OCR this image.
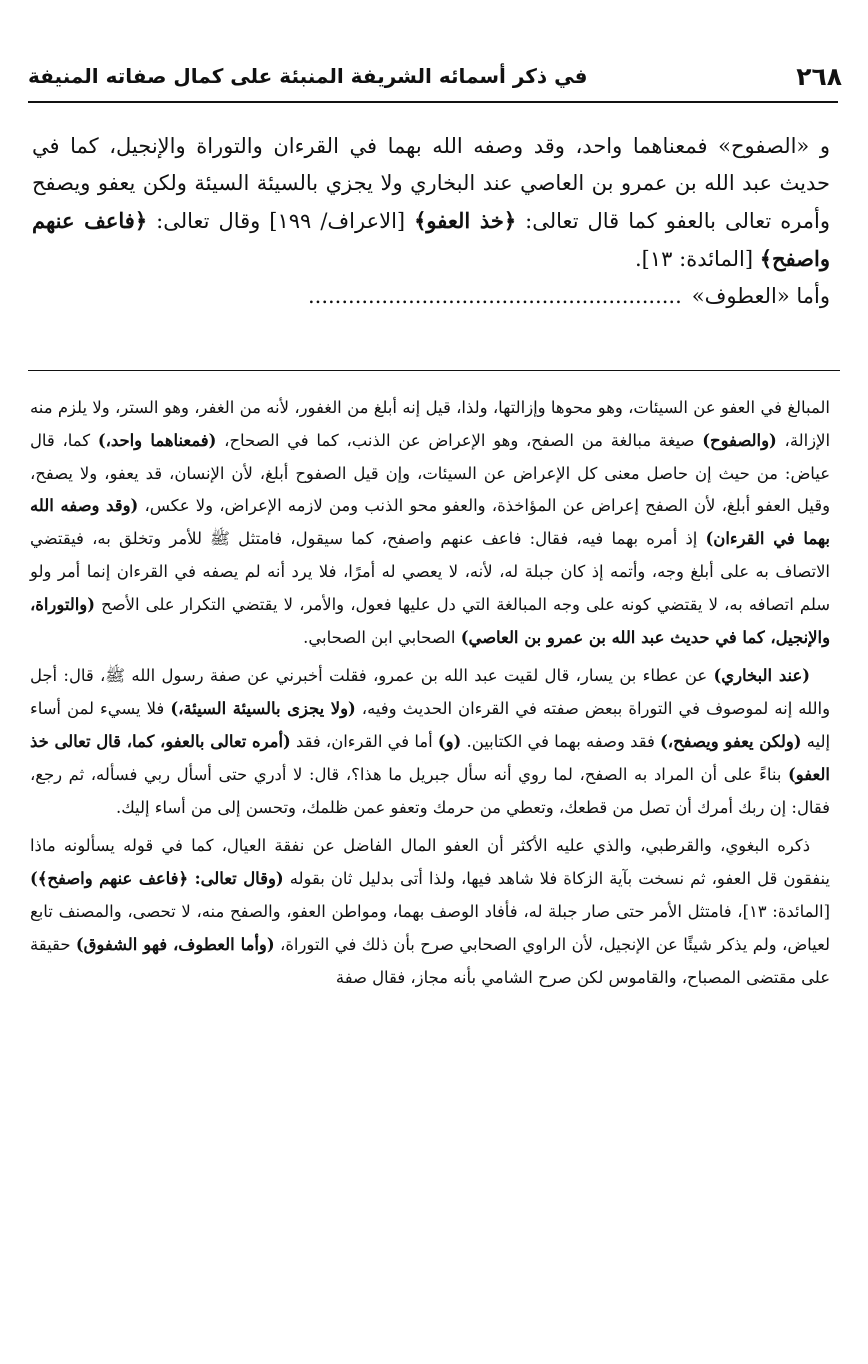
٢٦٨
في ذكر أسمائه الشريفة المنبئة على كمال صفاته المنيفة

و «الصفوح» فمعناهما واحد، وقد وصفه الله بهما في القرءان والتوراة والإنجيل، كما في حديث عبد الله بن عمرو بن العاصي عند البخاري ولا يجزي بالسيئة السيئة ولكن يعفو ويصفح وأمره تعالى بالعفو كما قال تعالى: ﴿خذ العفو﴾ [الاعراف/ ١٩٩] وقال تعالى: ﴿فاعف عنهم واصفح﴾ [المائدة: ١٣].

وأما «العطوف»........................................................

المبالغ في العفو عن السيئات، وهو محوها وإزالتها، ولذا، قيل إنه أبلغ من الغفور، لأنه من الغفر، وهو الستر، ولا يلزم منه الإزالة، (والصفوح) صيغة مبالغة من الصفح، وهو الإعراض عن الذنب، كما في الصحاح، (فمعناهما واحد،) كما، قال عياض: من حيث إن حاصل معنى كل الإعراض عن السيئات، وإن قيل الصفوح أبلغ، لأن الإنسان، قد يعفو، ولا يصفح، وقيل العفو أبلغ، لأن الصفح إعراض عن المؤاخذة، والعفو محو الذنب ومن لازمه الإعراض، ولا عكس، (وقد وصفه الله بهما في القرءان) إذ أمره بهما فيه، فقال: فاعف عنهم واصفح، كما سيقول، فامتثل ﷺ للأمر وتخلق به، فيقتضي الاتصاف به على أبلغ وجه، وأتمه إذ كان جبلة له، لأنه، لا يعصي له أمرًا، فلا يرد أنه لم يصفه في القرءان إنما أمر ولو سلم اتصافه به، لا يقتضي كونه على وجه المبالغة التي دل عليها فعول، والأمر، لا يقتضي التكرار على الأصح (والتوراة، والإنجيل، كما في حديث عبد الله بن عمرو بن العاصي) الصحابي ابن الصحابي.

(عند البخاري) عن عطاء بن يسار، قال لقيت عبد الله بن عمرو، فقلت أخبرني عن صفة رسول الله ﷺ، قال: أجل والله إنه لموصوف في التوراة ببعض صفته في القرءان الحديث وفيه، (ولا يجزى بالسيئة السيئة،) فلا يسيء لمن أساء إليه (ولكن يعفو ويصفح،) فقد وصفه بهما في الكتابين. (و) أما في القرءان، فقد (أمره تعالى بالعفو، كما، قال تعالى خذ العفو) بناءً على أن المراد به الصفح، لما روي أنه سأل جبريل ما هذا؟، قال: لا أدري حتى أسأل ربي فسأله، ثم رجع، فقال: إن ربك أمرك أن تصل من قطعك، وتعطي من حرمك وتعفو عمن ظلمك، وتحسن إلى من أساء إليك.

ذكره البغوي، والقرطبي، والذي عليه الأكثر أن العفو المال الفاضل عن نفقة العيال، كما في قوله يسألونه ماذا ينفقون قل العفو، ثم نسخت بآية الزكاة فلا شاهد فيها، ولذا أتى بدليل ثان بقوله (وقال تعالى: ﴿فاعف عنهم واصفح﴾) [المائدة: ١٣]، فامتثل الأمر حتى صار جبلة له، فأفاد الوصف بهما، ومواطن العفو، والصفح منه، لا تحصى، والمصنف تابع لعياض، ولم يذكر شيئًا عن الإنجيل، لأن الراوي الصحابي صرح بأن ذلك في التوراة، (وأما العطوف، فهو الشفوق) حقيقة على مقتضى المصباح، والقاموس لكن صرح الشامي بأنه مجاز، فقال صفة
